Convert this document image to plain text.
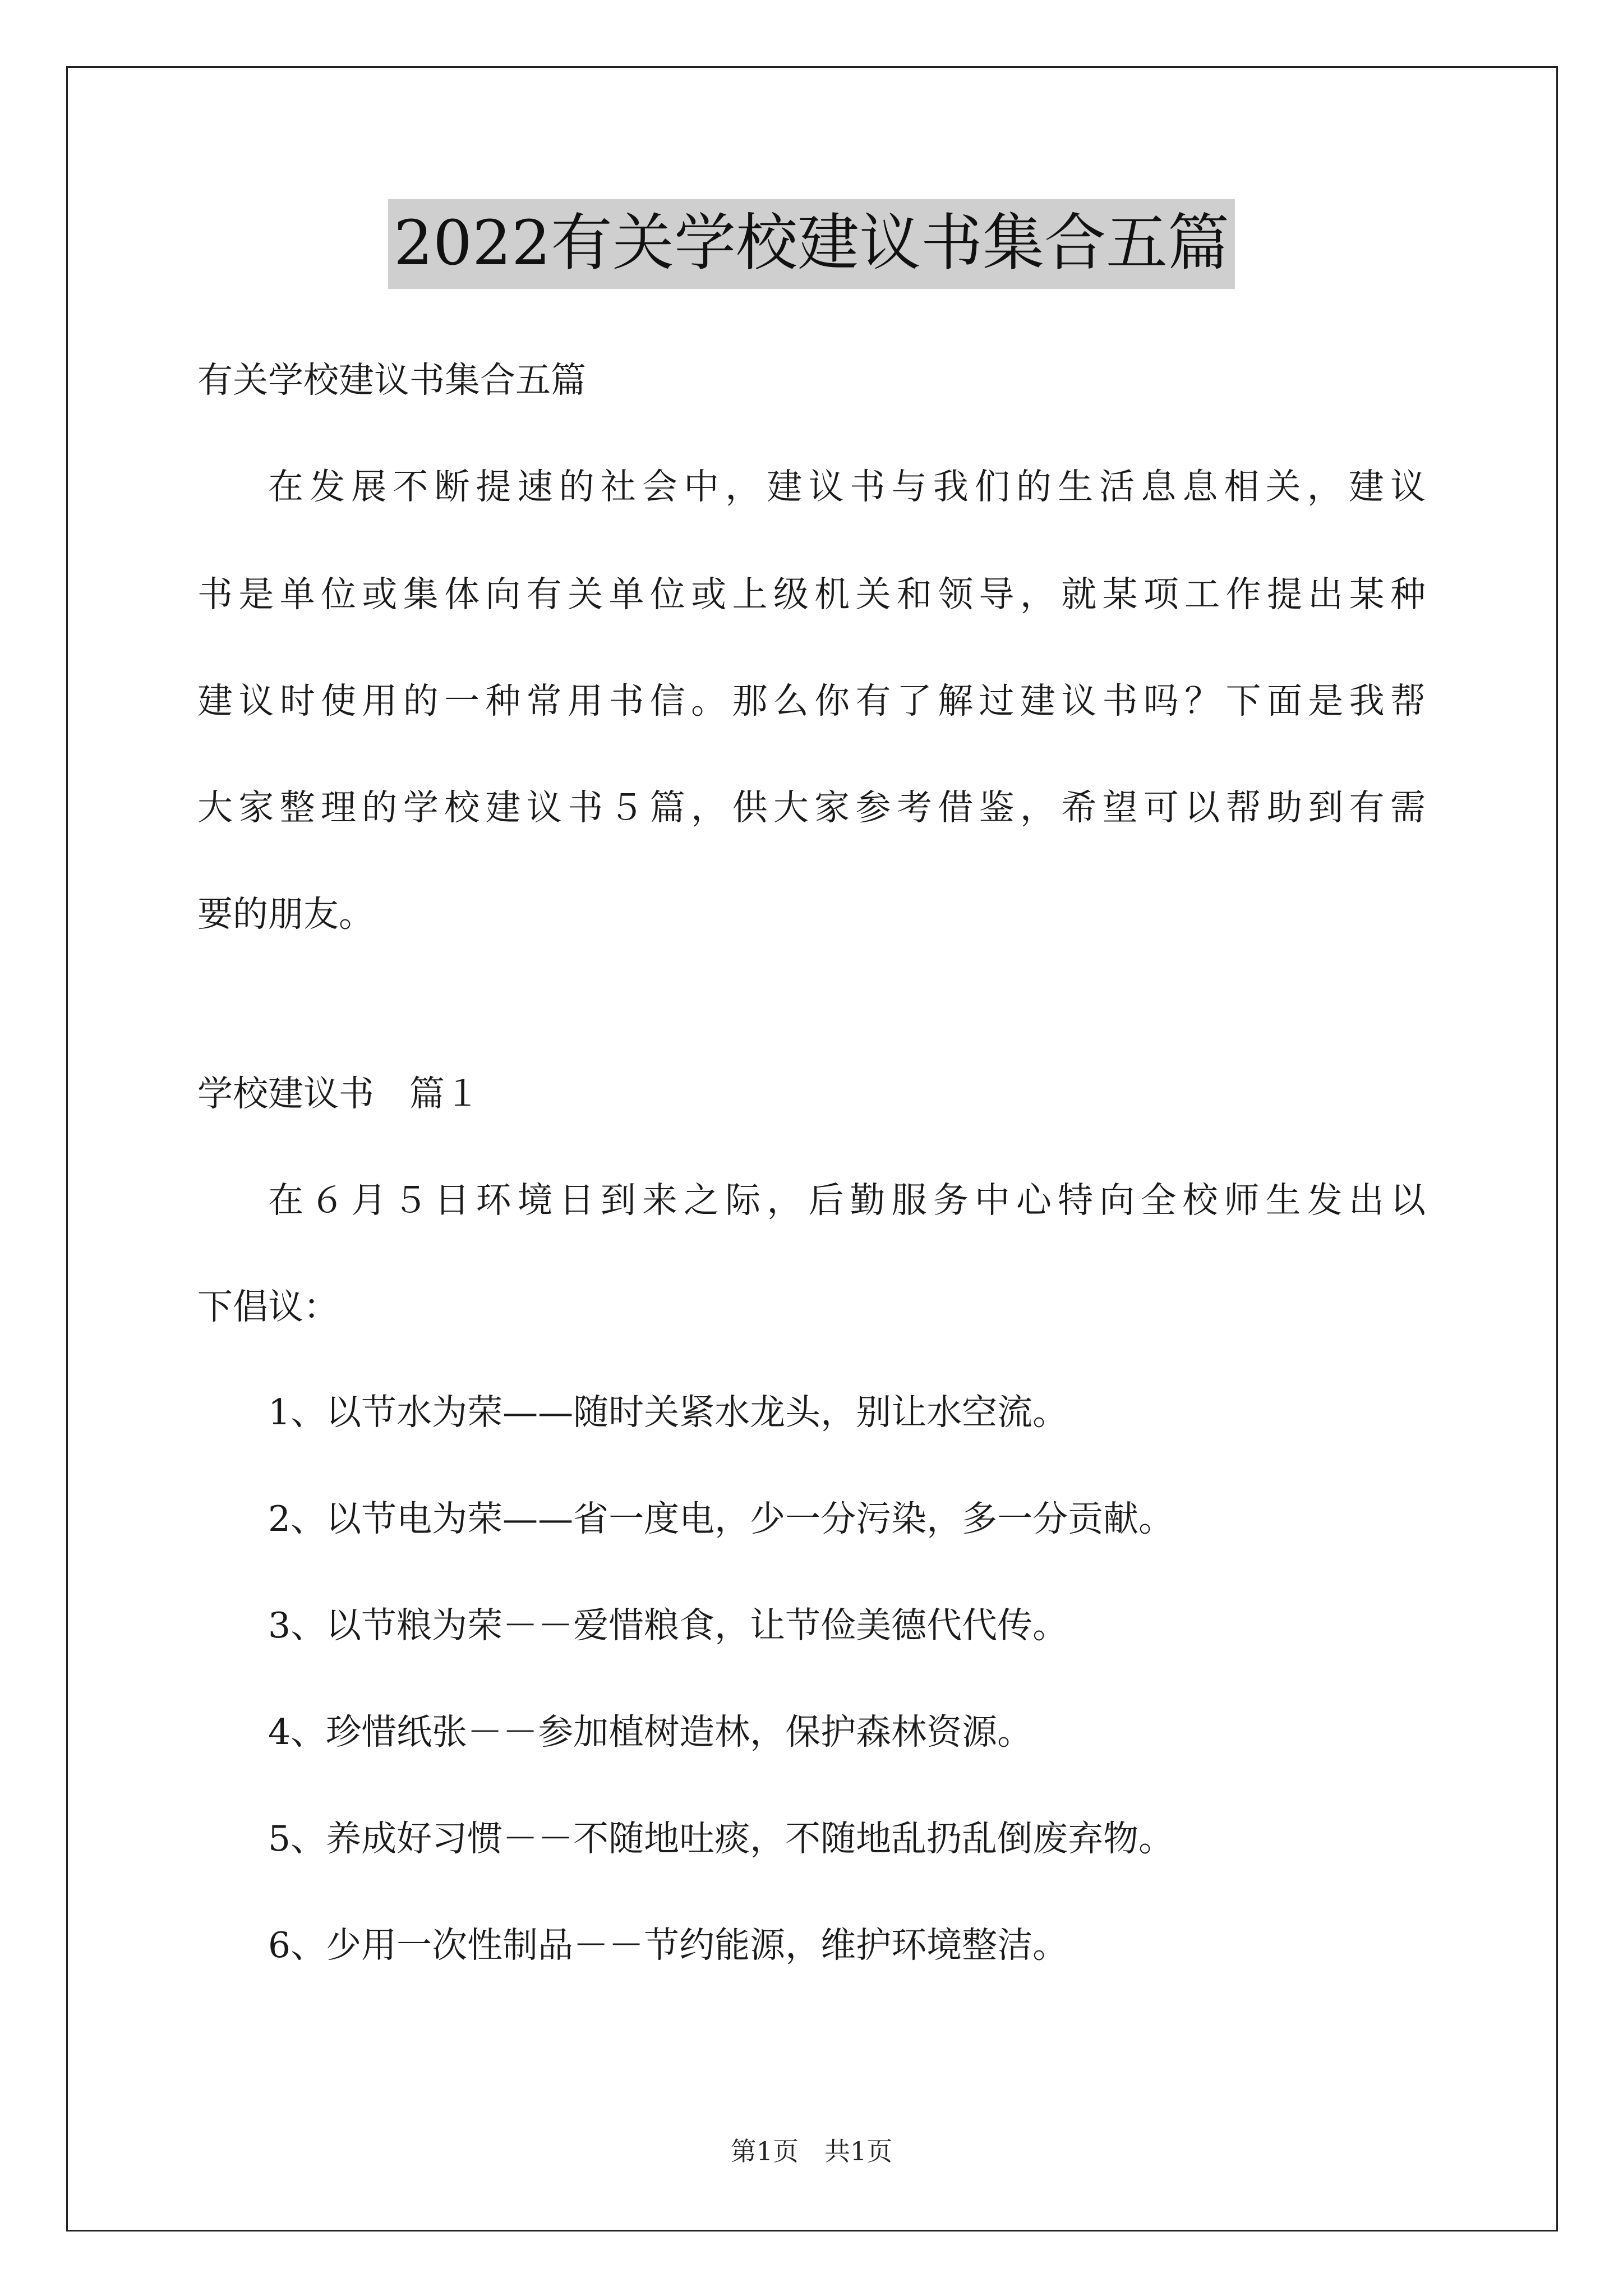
2022有关学校建议书集合五篇
有关学校建议书集合五篇
在发展不断提速的社会中，建议书与我们的生活息息相关，建议
书是单位或集体向有关单位或上级机关和领导，就某项工作提出某种
建议时使用的一种常用书信。那么你有了解过建议书吗？下面是我帮
大家整理的学校建议书５篇，供大家参考借鉴，希望可以帮助到有需
要的朋友。
学校建议书　篇１
在６月５日环境日到来之际，后勤服务中心特向全校师生发出以
下倡议：
1、以节水为荣——随时关紧水龙头，别让水空流。
2、以节电为荣——省一度电，少一分污染，多一分贡献。
3、以节粮为荣－－爱惜粮食，让节俭美德代代传。
4、珍惜纸张－－参加植树造林，保护森林资源。
5、养成好习惯－－不随地吐痰，不随地乱扔乱倒废弃物。
6、少用一次性制品－－节约能源，维护环境整洁。
第1页 共1页
